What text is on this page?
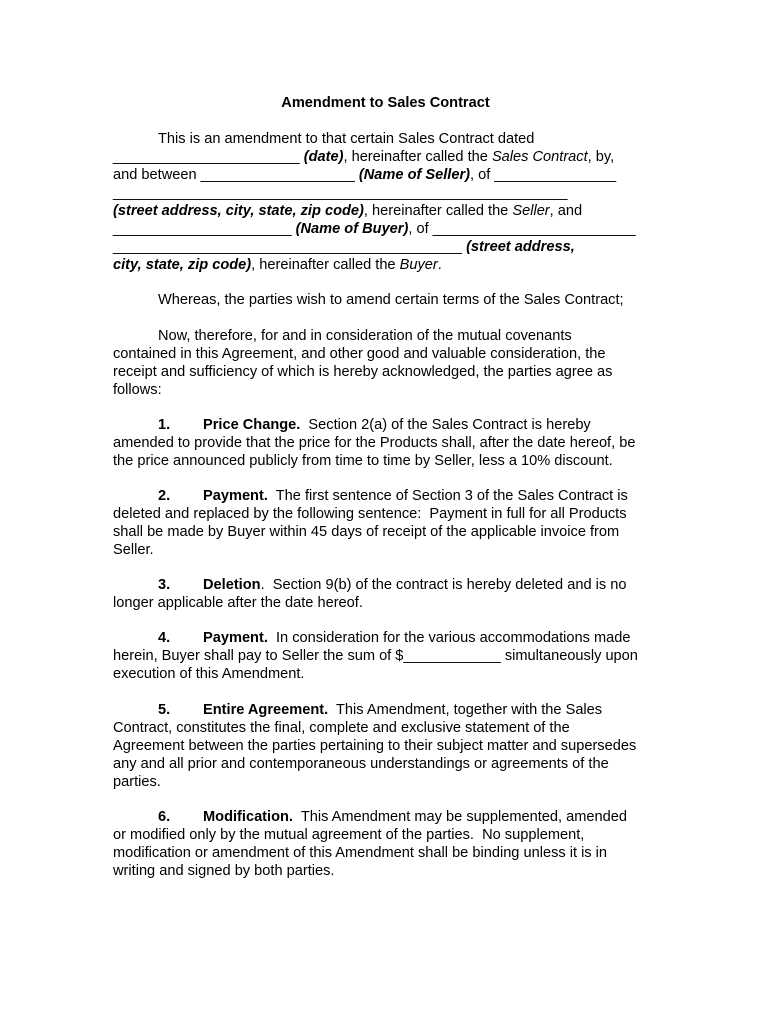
Amendment to Sales Contract
This is an amendment to that certain Sales Contract dated
_______________________ (date), hereinafter called the Sales Contract, by,
and between ___________________ (Name of Seller), of _______________
________________________________________________________
(street address, city, state, zip code), hereinafter called the Seller, and
______________________ (Name of Buyer), of _________________________
___________________________________________ (street address,
city, state, zip code), hereinafter called the Buyer.
Whereas, the parties wish to amend certain terms of the Sales Contract;
Now, therefore, for and in consideration of the mutual covenants
contained in this Agreement, and other good and valuable consideration, the
receipt and sufficiency of which is hereby acknowledged, the parties agree as
follows:
1. Price Change.  Section 2(a) of the Sales Contract is hereby
amended to provide that the price for the Products shall, after the date hereof, be
the price announced publicly from time to time by Seller, less a 10% discount.
2. Payment.  The first sentence of Section 3 of the Sales Contract is
deleted and replaced by the following sentence:  Payment in full for all Products
shall be made by Buyer within 45 days of receipt of the applicable invoice from
Seller.
3. Deletion.  Section 9(b) of the contract is hereby deleted and is no
longer applicable after the date hereof.
4. Payment.  In consideration for the various accommodations made
herein, Buyer shall pay to Seller the sum of $____________ simultaneously upon
execution of this Amendment.
5. Entire Agreement.  This Amendment, together with the Sales
Contract, constitutes the final, complete and exclusive statement of the
Agreement between the parties pertaining to their subject matter and supersedes
any and all prior and contemporaneous understandings or agreements of the
parties.
6. Modification.  This Amendment may be supplemented, amended
or modified only by the mutual agreement of the parties.  No supplement,
modification or amendment of this Amendment shall be binding unless it is in
writing and signed by both parties.
